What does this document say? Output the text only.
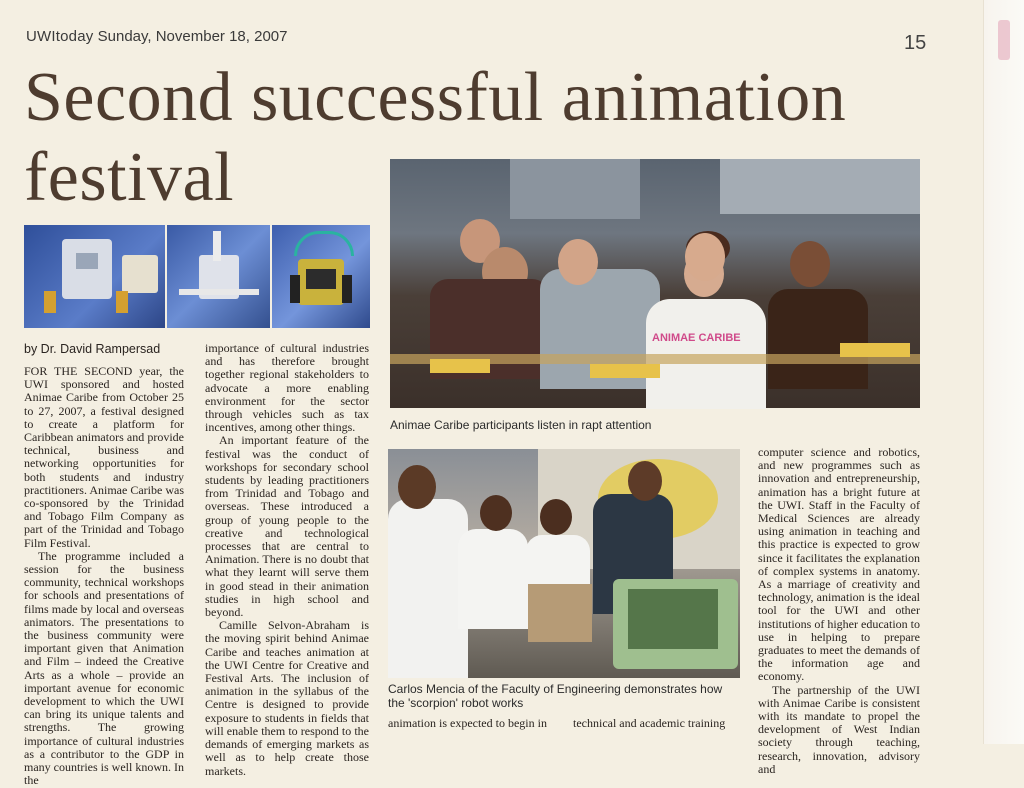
UWItoday Sunday, November 18, 2007	15
Second successful animation festival
by Dr. David Rampersad

FOR THE SECOND year, the UWI sponsored and hosted Animae Caribe from October 25 to 27, 2007, a festival designed to create a platform for Caribbean animators and provide technical, business and networking opportunities for both students and industry practitioners. Animae Caribe was co-sponsored by the Trinidad and Tobago Film Company as part of the Trinidad and Tobago Film Festival.

The programme included a session for the business community, technical workshops for schools and presentations of films made by local and overseas animators. The presentations to the business community were important given that Animation and Film – indeed the Creative Arts as a whole – provide an important avenue for economic development to which the UWI can bring its unique talents and strengths. The growing importance of cultural industries as a contributor to the GDP in many countries is well known. In the

importance of cultural industries and has therefore brought together regional stakeholders to advocate a more enabling environment for the sector through vehicles such as tax incentives, among other things.

An important feature of the festival was the conduct of workshops for secondary school students by leading practitioners from Trinidad and Tobago and overseas. These introduced a group of young people to the creative and technological processes that are central to Animation. There is no doubt that what they learnt will serve them in good stead in their animation studies in high school and beyond.

Camille Selvon-Abraham is the moving spirit behind Animae Caribe and teaches animation at the UWI Centre for Creative and Festival Arts. The inclusion of animation in the syllabus of the Centre is designed to provide exposure to students in fields that will enable them to respond to the demands of emerging markets as well as to help create those markets.

ANIMAE CARIBE
Animae Caribe participants listen in rapt attention
Carlos Mencia of the Faculty of Engineering demonstrates how the 'scorpion' robot works

computer science and robotics, and new programmes such as innovation and entrepreneurship, animation has a bright future at the UWI. Staff in the Faculty of Medical Sciences are already using animation in teaching and this practice is expected to grow since it facilitates the explanation of complex systems in anatomy. As a marriage of creativity and technology, animation is the ideal tool for the UWI and other institutions of higher education to use in helping to prepare graduates to meet the demands of the information age and economy.

The partnership of the UWI with Animae Caribe is consistent with its mandate to propel the development of West Indian society through teaching, research, innovation, advisory and

animation is expected to begin in technical and academic training
